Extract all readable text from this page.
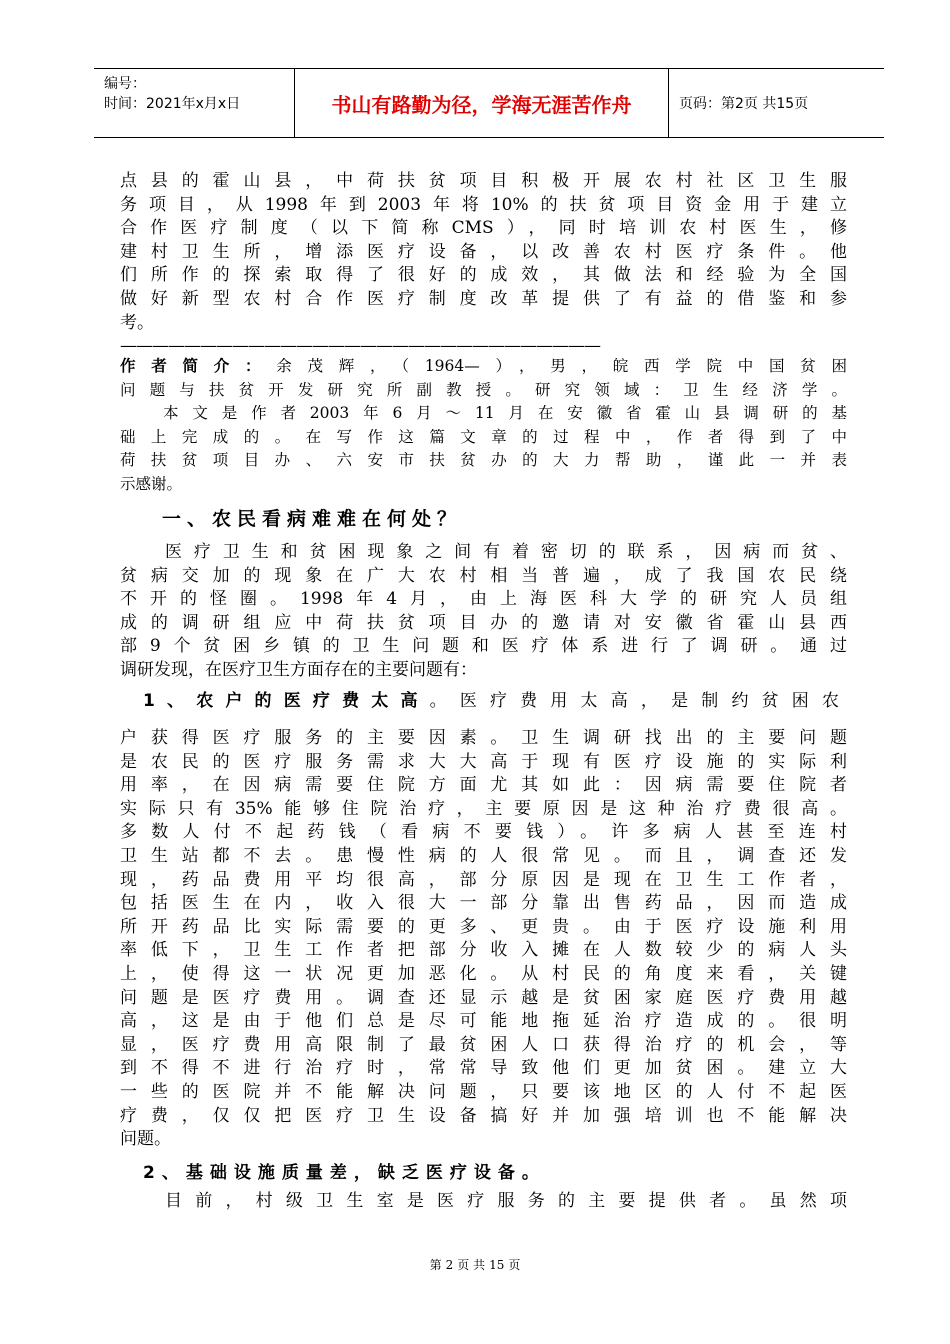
编号：
时间：2021年x月x日	书山有路勤为径，学海无涯苦作舟	页码：第2页 共15页
点县的霍山县，中荷扶贫项目积极开展农村社区卫生服
务项目，从1998年到2003年将10%的扶贫项目资金用于建立
合作医疗制度（以下简称CMS），同时培训农村医生，修
建村卫生所，增添医疗设备，以改善农村医疗条件。他
们所作的探索取得了很好的成效，其做法和经验为全国
做好新型农村合作医疗制度改革提供了有益的借鉴和参
考。
——————————————————————————————
作者简介：余茂辉，（1964—），男，皖西学院中国贫困
问题与扶贫开发研究所副教授。研究领域：卫生经济学。
本文是作者2003年6月～11月在安徽省霍山县调研的基
础上完成的。在写作这篇文章的过程中，作者得到了中
荷扶贫项目办、六安市扶贫办的大力帮助，谨此一并表
示感谢。
一、农民看病难难在何处？
医疗卫生和贫困现象之间有着密切的联系，因病而贫、
贫病交加的现象在广大农村相当普遍，成了我国农民绕
不开的怪圈。1998年4月，由上海医科大学的研究人员组
成的调研组应中荷扶贫项目办的邀请对安徽省霍山县西
部9个贫困乡镇的卫生问题和医疗体系进行了调研。通过
调研发现，在医疗卫生方面存在的主要问题有：
1、农户的医疗费太高。医疗费用太高，是制约贫困农
户获得医疗服务的主要因素。卫生调研找出的主要问题
是农民的医疗服务需求大大高于现有医疗设施的实际利
用率，在因病需要住院方面尤其如此：因病需要住院者
实际只有35%能够住院治疗，主要原因是这种治疗费很高。
多数人付不起药钱（看病不要钱）。许多病人甚至连村
卫生站都不去。患慢性病的人很常见。而且，调查还发
现，药品费用平均很高，部分原因是现在卫生工作者，
包括医生在内，收入很大一部分靠出售药品，因而造成
所开药品比实际需要的更多、更贵。由于医疗设施利用
率低下，卫生工作者把部分收入摊在人数较少的病人头
上，使得这一状况更加恶化。从村民的角度来看，关键
问题是医疗费用。调查还显示越是贫困家庭医疗费用越
高，这是由于他们总是尽可能地拖延治疗造成的。很明
显，医疗费用高限制了最贫困人口获得治疗的机会，等
到不得不进行治疗时，常常导致他们更加贫困。建立大
一些的医院并不能解决问题，只要该地区的人付不起医
疗费，仅仅把医疗卫生设备搞好并加强培训也不能解决
问题。
2、基础设施质量差，缺乏医疗设备。
目前，村级卫生室是医疗服务的主要提供者。虽然项
第 2 页 共 15 页
